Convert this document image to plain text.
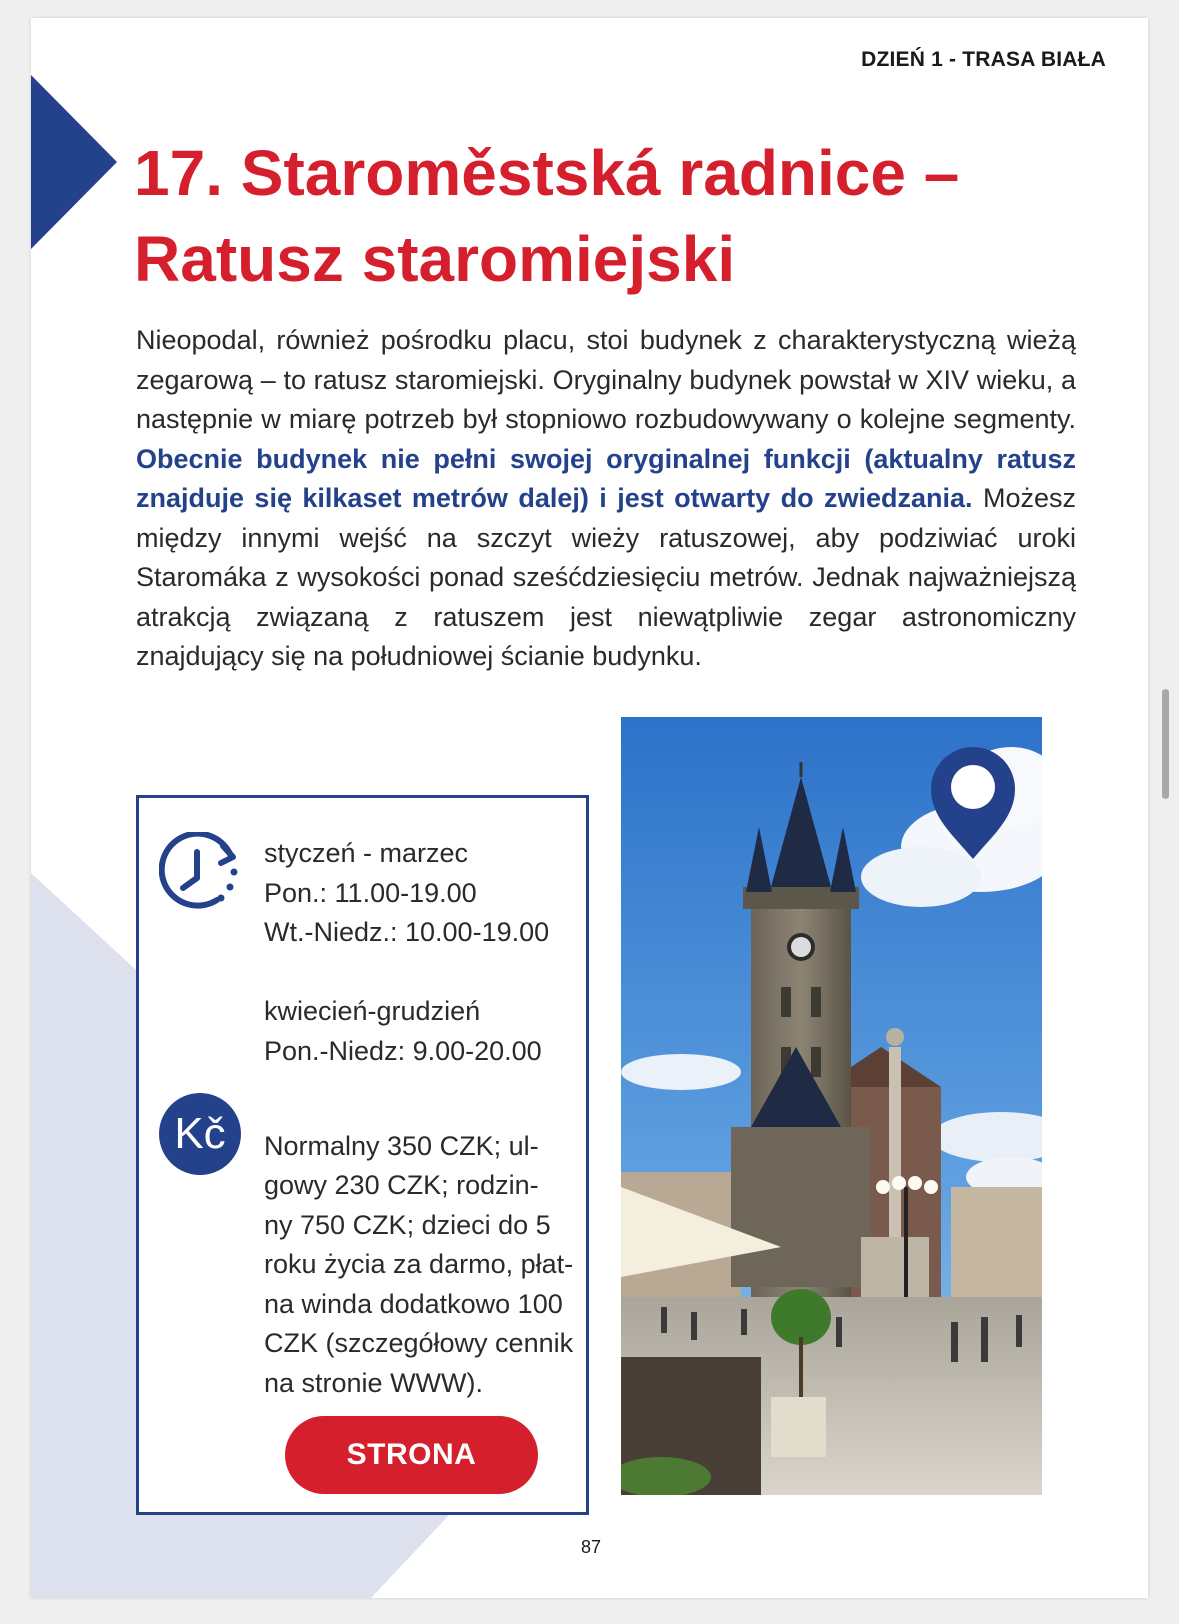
DZIEŃ 1 - TRASA BIAŁA
17. Staroměstská radnice –
Ratusz staromiejski

Nieopodal, również pośrodku placu, stoi budynek z charakterystyczną wieżą zegarową – to ratusz staromiejski. Oryginalny budynek powstał w XIV wieku, a następnie w miarę potrzeb był stopniowo rozbudowywany o kolejne segmenty. Obecnie budynek nie pełni swojej oryginalnej funkcji (aktualny ratusz znajduje się kilkaset metrów dalej) i jest otwarty do zwiedzania. Możesz między innymi wejść na szczyt wieży ratuszowej, aby podziwiać uroki Staromáka z wysokości ponad sześćdziesięciu metrów. Jednak najważniejszą atrakcją związaną z ratuszem jest niewątpliwie zegar astronomiczny znajdujący się na południowej ścianie budynku.

Kč
styczeń - marzec
Pon.: 11.00-19.00
Wt.-Niedz.: 10.00-19.00
kwiecień-grudzień
Pon.-Niedz: 9.00-20.00
Normalny 350 CZK; ul-
gowy 230 CZK; rodzin-
ny 750 CZK; dzieci do 5
roku życia za darmo, płat-
na winda dodatkowo 100
CZK (szczegółowy cennik
na stronie WWW).
STRONA
87
